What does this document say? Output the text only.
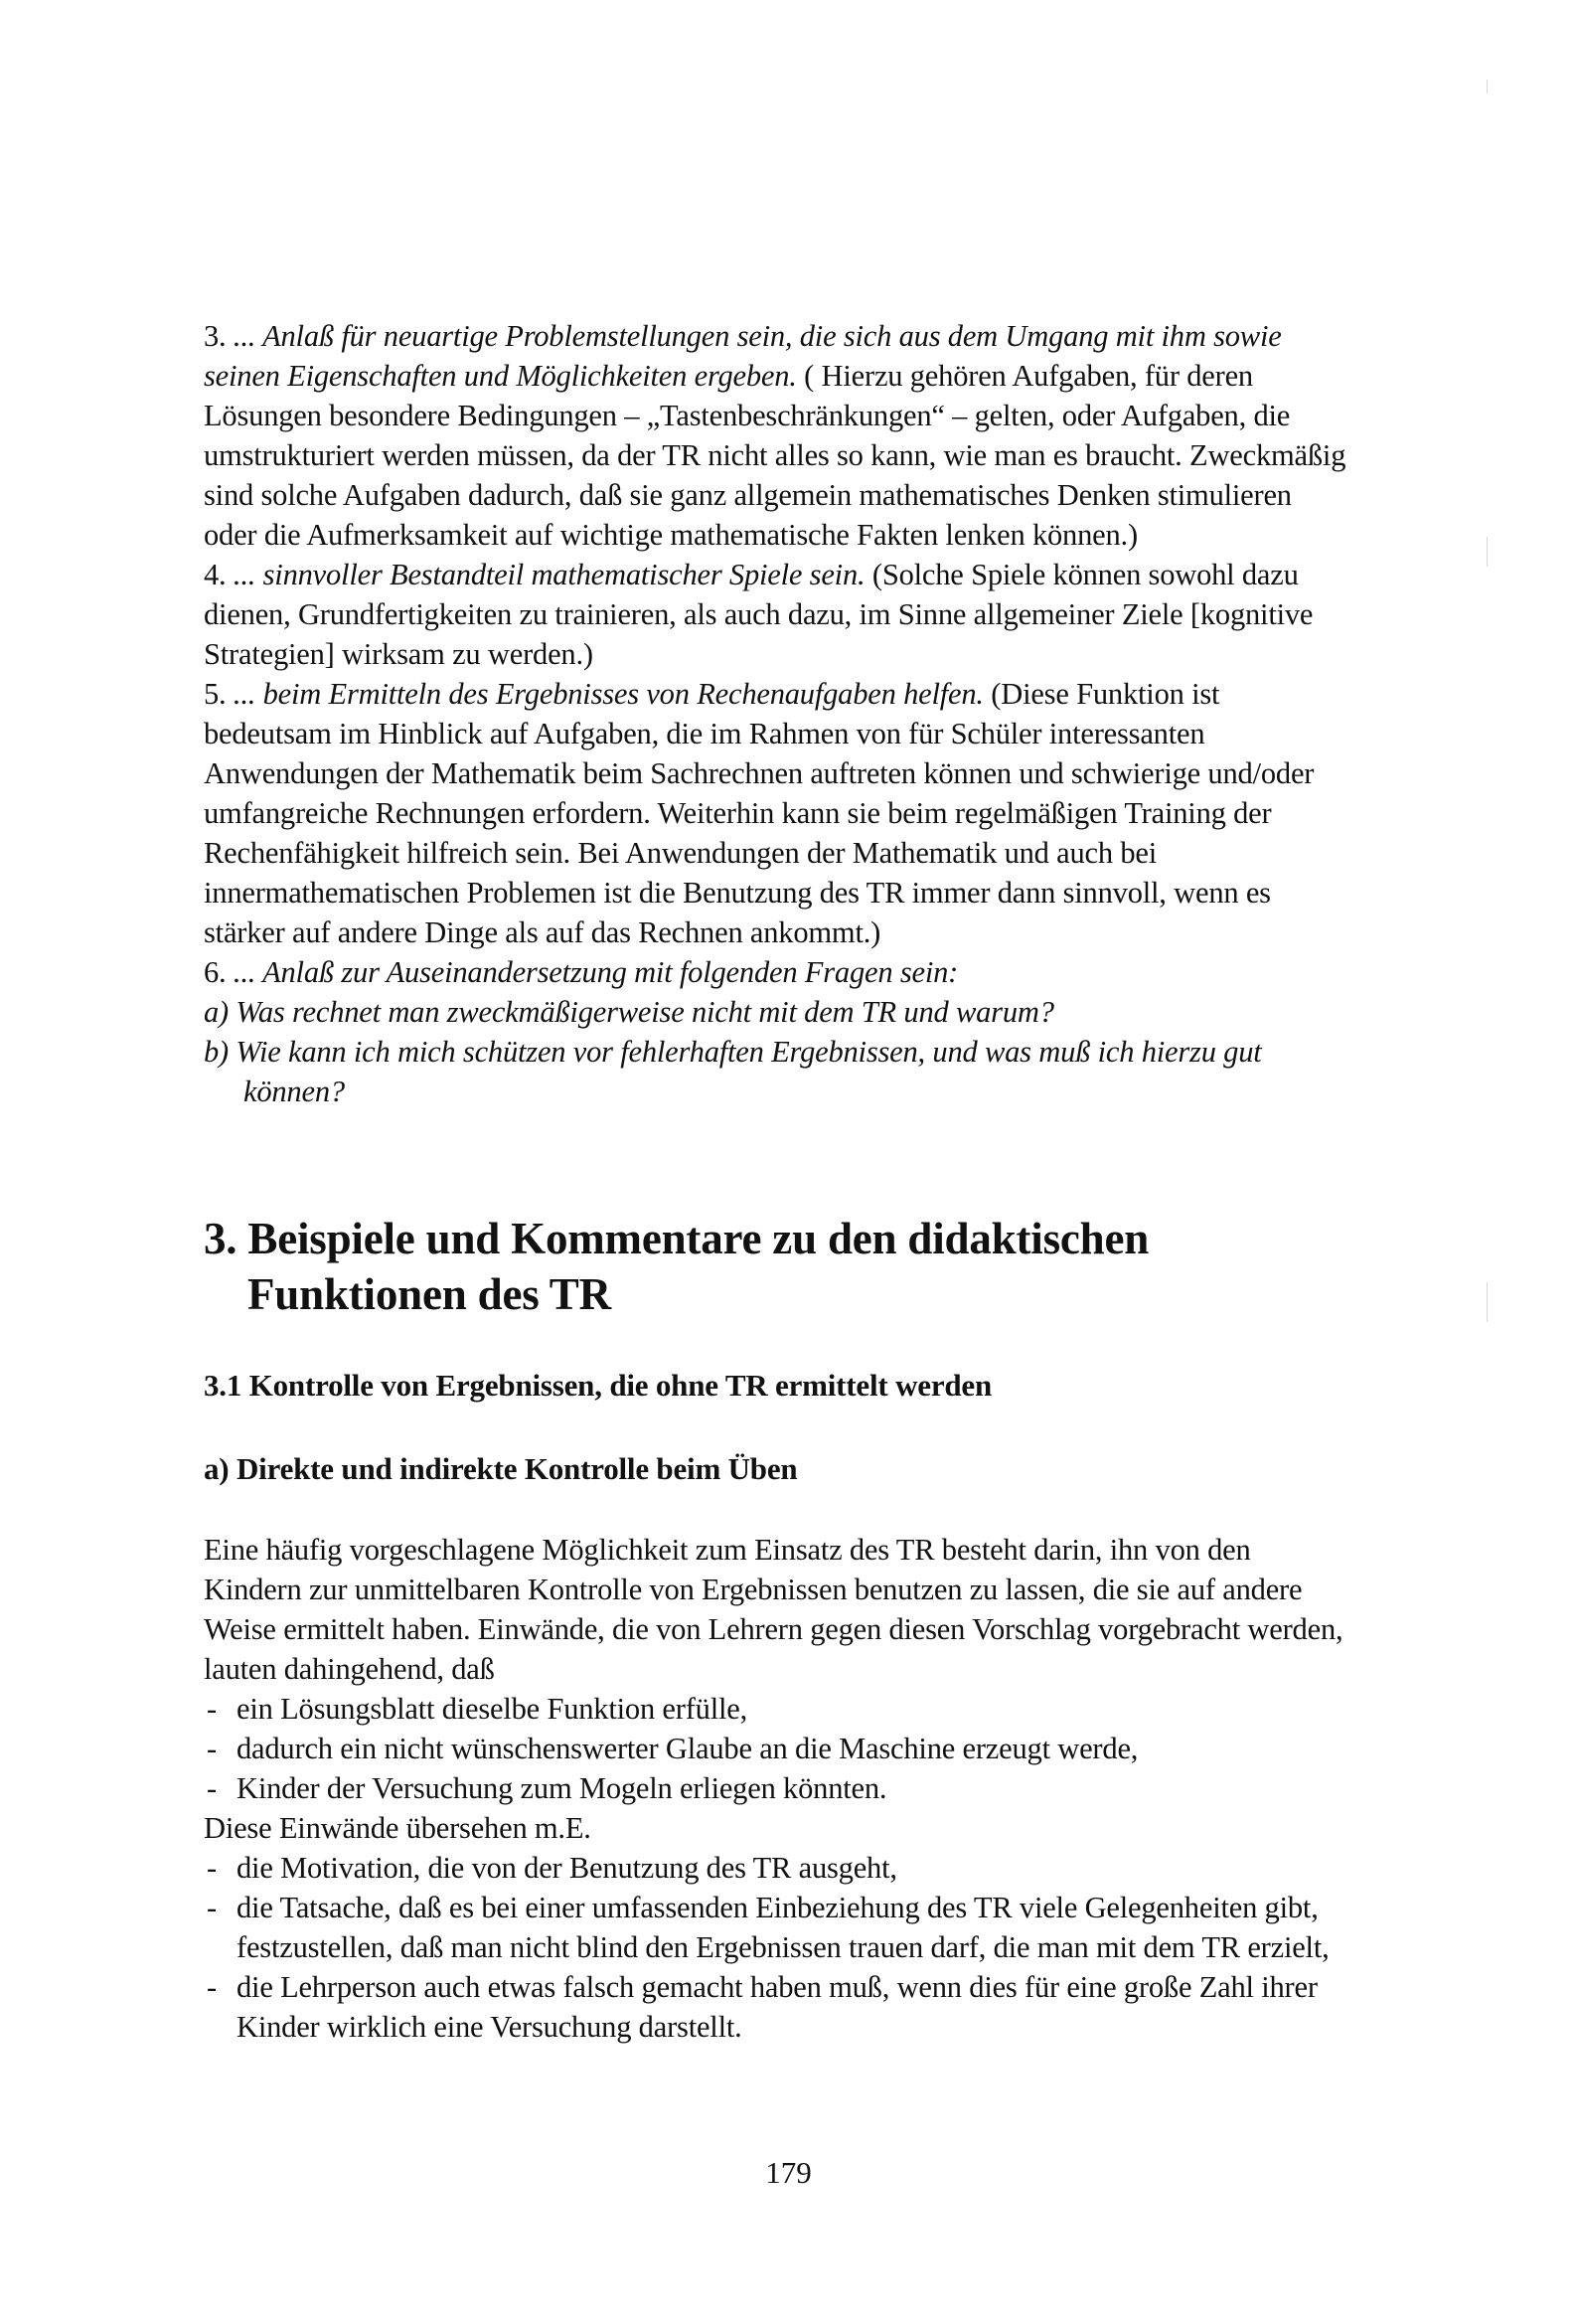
3. ... Anlaß für neuartige Problemstellungen sein, die sich aus dem Umgang mit ihm sowie seinen Eigenschaften und Möglichkeiten ergeben. ( Hierzu gehören Aufgaben, für deren Lösungen besondere Bedingungen – „Tastenbeschränkungen“ – gelten, oder Aufgaben, die umstrukturiert werden müssen, da der TR nicht alles so kann, wie man es braucht. Zweckmäßig sind solche Aufgaben dadurch, daß sie ganz allgemein mathematisches Denken stimulieren oder die Aufmerksamkeit auf wichtige mathematische Fakten lenken können.)

4. ... sinnvoller Bestandteil mathematischer Spiele sein. (Solche Spiele können sowohl dazu dienen, Grundfertigkeiten zu trainieren, als auch dazu, im Sinne allgemeiner Ziele [kognitive Strategien] wirksam zu werden.)

5. ... beim Ermitteln des Ergebnisses von Rechenaufgaben helfen. (Diese Funktion ist bedeutsam im Hinblick auf Aufgaben, die im Rahmen von für Schüler interessanten Anwendungen der Mathematik beim Sachrechnen auftreten können und schwierige und/oder umfangreiche Rechnungen erfordern. Weiterhin kann sie beim regelmäßigen Training der Rechenfähigkeit hilfreich sein. Bei Anwendungen der Mathematik und auch bei innermathematischen Problemen ist die Benutzung des TR immer dann sinnvoll, wenn es stärker auf andere Dinge als auf das Rechnen ankommt.)

6. ... Anlaß zur Auseinandersetzung mit folgenden Fragen sein:

a) Was rechnet man zweckmäßigerweise nicht mit dem TR und warum?

b) Wie kann ich mich schützen vor fehlerhaften Ergebnissen, und was muß ich hierzu gut können?

3. Beispiele und Kommentare zu den didaktischen Funktionen des TR
3.1 Kontrolle von Ergebnissen, die ohne TR ermittelt werden
a) Direkte und indirekte Kontrolle beim Üben

Eine häufig vorgeschlagene Möglichkeit zum Einsatz des TR besteht darin, ihn von den Kindern zur unmittelbaren Kontrolle von Ergebnissen benutzen zu lassen, die sie auf andere Weise ermittelt haben. Einwände, die von Lehrern gegen diesen Vorschlag vorgebracht werden, lauten dahingehend, daß

- ein Lösungsblatt dieselbe Funktion erfülle,
- dadurch ein nicht wünschenswerter Glaube an die Maschine erzeugt werde,
- Kinder der Versuchung zum Mogeln erliegen könnten.

Diese Einwände übersehen m.E.

- die Motivation, die von der Benutzung des TR ausgeht,
- die Tatsache, daß es bei einer umfassenden Einbeziehung des TR viele Gelegenheiten gibt, festzustellen, daß man nicht blind den Ergebnissen trauen darf, die man mit dem TR erzielt,
- die Lehrperson auch etwas falsch gemacht haben muß, wenn dies für eine große Zahl ihrer Kinder wirklich eine Versuchung darstellt.
179
